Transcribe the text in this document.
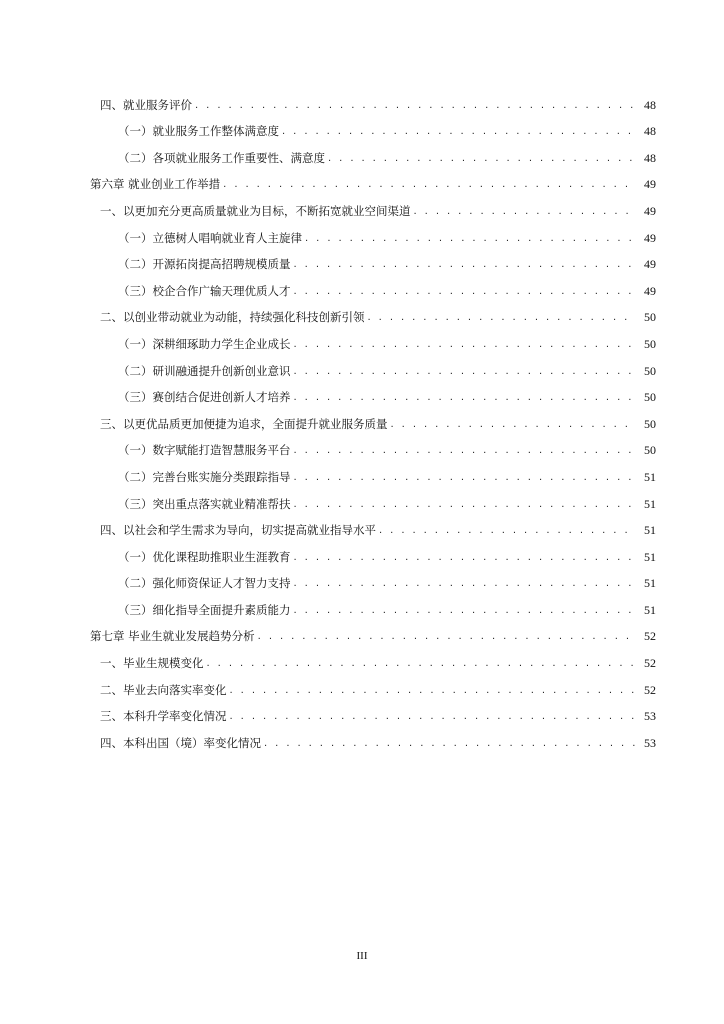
四、就业服务评价 . . .	48
（一）就业服务工作整体满意度 . . .	48
（二）各项就业服务工作重要性、满意度 . . .	48
第六章 就业创业工作举措 . . .	49
一、以更加充分更高质量就业为目标，不断拓宽就业空间渠道 . . .	49
（一）立德树人唱响就业育人主旋律 . . .	49
（二）开源拓岗提高招聘规模质量 . . .	49
（三）校企合作广输天理优质人才 . . .	49
二、以创业带动就业为动能，持续强化科技创新引领 . . .	50
（一）深耕细琢助力学生企业成长 . . .	50
（二）研训融通提升创新创业意识 . . .	50
（三）赛创结合促进创新人才培养 . . .	50
三、以更优品质更加便捷为追求，全面提升就业服务质量 . . .	50
（一）数字赋能打造智慧服务平台 . . .	50
（二）完善台账实施分类跟踪指导 . . .	51
（三）突出重点落实就业精准帮扶 . . .	51
四、以社会和学生需求为导向，切实提高就业指导水平 . . .	51
（一）优化课程助推职业生涯教育 . . .	51
（二）强化师资保证人才智力支持 . . .	51
（三）细化指导全面提升素质能力 . . .	51
第七章 毕业生就业发展趋势分析 . . .	52
一、毕业生规模变化 . . .	52
二、毕业去向落实率变化 . . .	52
三、本科升学率变化情况 . . .	53
四、本科出国（境）率变化情况 . . .	53
III
